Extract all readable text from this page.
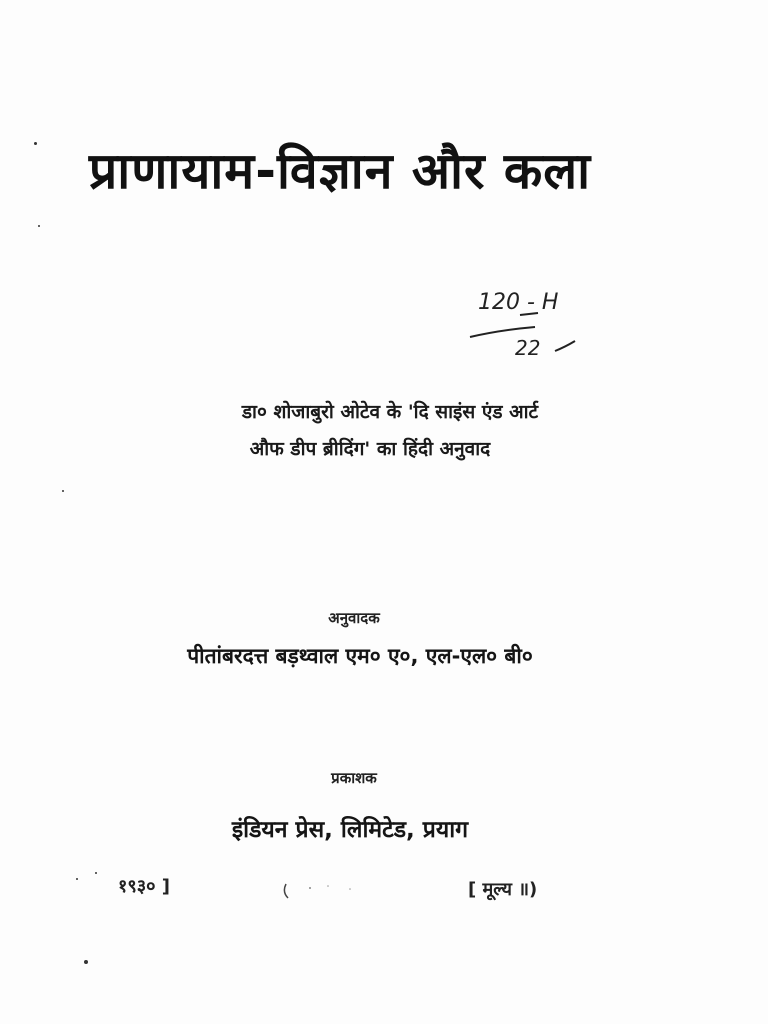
प्राणायाम-विज्ञान और कला
120 - H
22
डा० शोजाबुरो ओटेव के 'दि साइंस एंड आर्ट
औफ डीप ब्रीदिंग' का हिंदी अनुवाद
अनुवादक
पीतांबरदत्त बड़थ्वाल एम० ए०, एल-एल० बी०
प्रकाशक
इंडियन प्रेस, लिमिटेड, प्रयाग
१९३० ]	[ मूल्य ॥)
